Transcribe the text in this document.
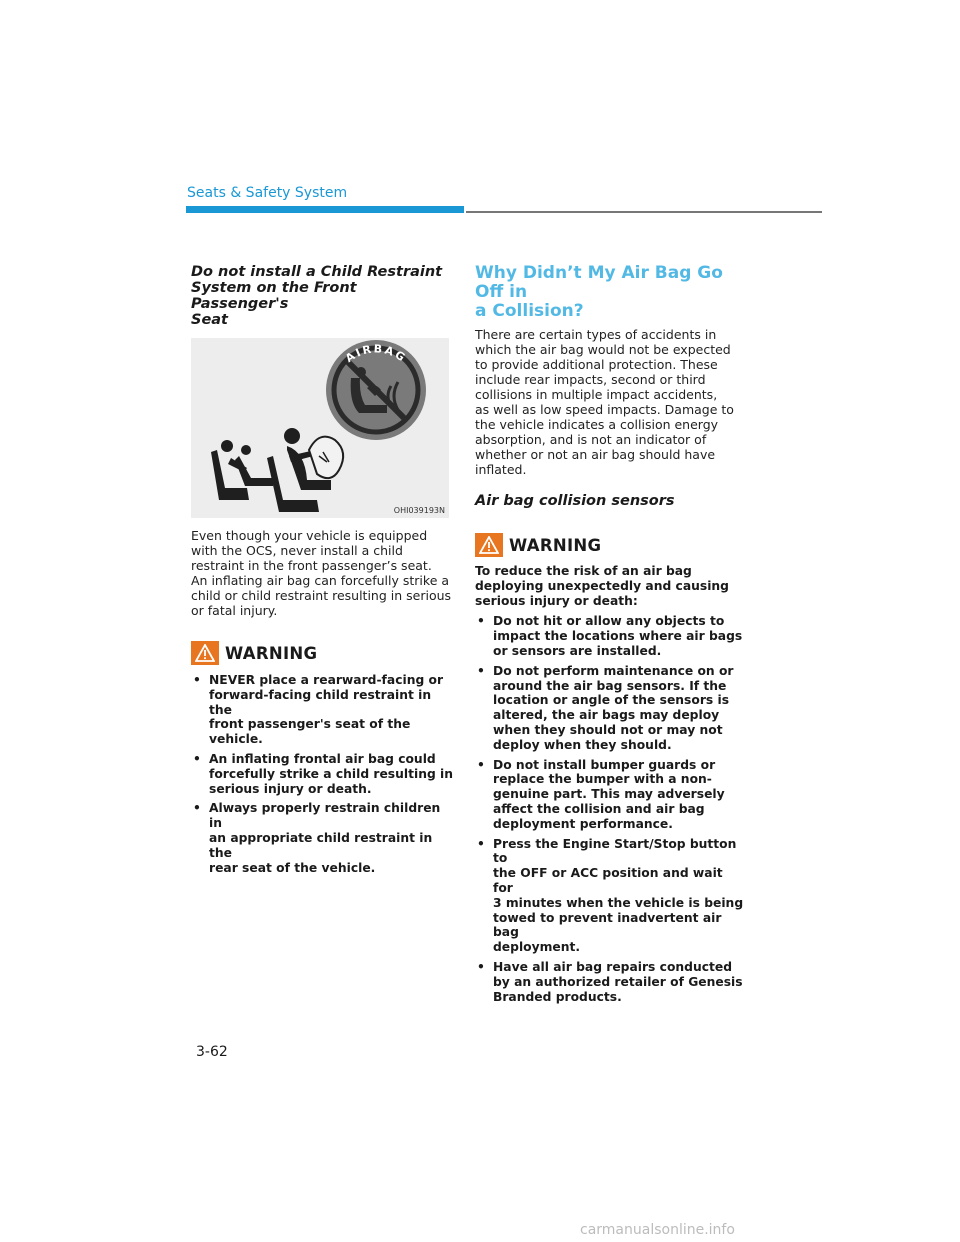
Seats & Safety System
Do not install a Child Restraint
System on the Front Passenger's
Seat
AIRBAG
OHI039193N

Even though your vehicle is equipped
with the OCS, never install a child
restraint in the front passenger’s seat.
An inflating air bag can forcefully strike a
child or child restraint resulting in serious
or fatal injury.

WARNING
• NEVER place a rearward-facing or
forward-facing child restraint in the
front passenger's seat of the vehicle.
• An inflating frontal air bag could
forcefully strike a child resulting in
serious injury or death.
• Always properly restrain children in
an appropriate child restraint in the
rear seat of the vehicle.
Why Didn’t My Air Bag Go Off in
a Collision?

There are certain types of accidents in
which the air bag would not be expected
to provide additional protection. These
include rear impacts, second or third
collisions in multiple impact accidents,
as well as low speed impacts. Damage to
the vehicle indicates a collision energy
absorption, and is not an indicator of
whether or not an air bag should have
inflated.

Air bag collision sensors
WARNING

To reduce the risk of an air bag
deploying unexpectedly and causing
serious injury or death:

• Do not hit or allow any objects to
impact the locations where air bags
or sensors are installed.
• Do not perform maintenance on or
around the air bag sensors. If the
location or angle of the sensors is
altered, the air bags may deploy
when they should not or may not
deploy when they should.
• Do not install bumper guards or
replace the bumper with a non-
genuine part. This may adversely
affect the collision and air bag
deployment performance.
• Press the Engine Start/Stop button to
the OFF or ACC position and wait for
3 minutes when the vehicle is being
towed to prevent inadvertent air bag
deployment.
• Have all air bag repairs conducted
by an authorized retailer of Genesis
Branded products.
3-62
carmanualsonline.info
